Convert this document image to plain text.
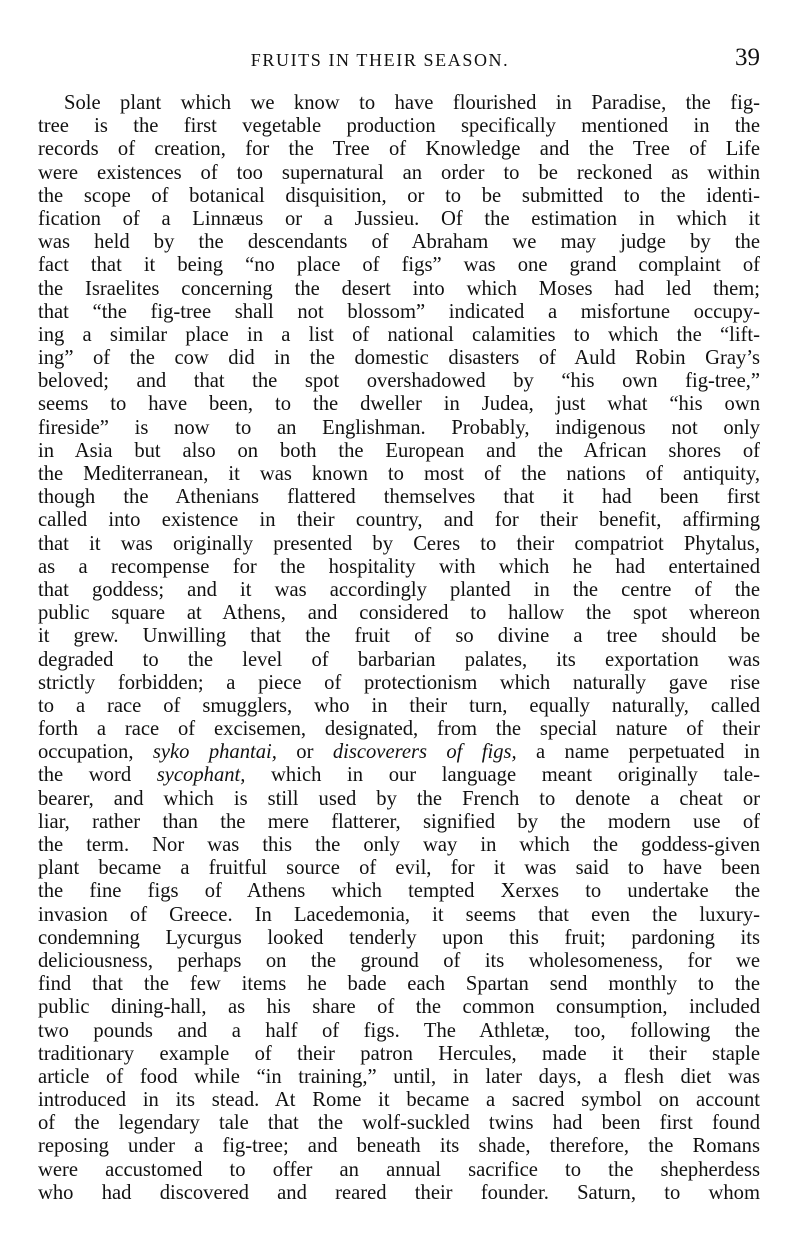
FRUITS IN THEIR SEASON.	39
Sole plant which we know to have flourished in Paradise, the fig-
tree is the first vegetable production specifically mentioned in the
records of creation, for the Tree of Knowledge and the Tree of Life
were existences of too supernatural an order to be reckoned as within
the scope of botanical disquisition, or to be submitted to the identi-
fication of a Linnæus or a Jussieu. Of the estimation in which it
was held by the descendants of Abraham we may judge by the
fact that it being “no place of figs” was one grand complaint of
the Israelites concerning the desert into which Moses had led them;
that “the fig-tree shall not blossom” indicated a misfortune occupy-
ing a similar place in a list of national calamities to which the “lift-
ing” of the cow did in the domestic disasters of Auld Robin Gray’s
beloved; and that the spot overshadowed by “his own fig-tree,”
seems to have been, to the dweller in Judea, just what “his own
fireside” is now to an Englishman. Probably, indigenous not only
in Asia but also on both the European and the African shores of
the Mediterranean, it was known to most of the nations of antiquity,
though the Athenians flattered themselves that it had been first
called into existence in their country, and for their benefit, affirming
that it was originally presented by Ceres to their compatriot Phytalus,
as a recompense for the hospitality with which he had entertained
that goddess; and it was accordingly planted in the centre of the
public square at Athens, and considered to hallow the spot whereon
it grew. Unwilling that the fruit of so divine a tree should be
degraded to the level of barbarian palates, its exportation was
strictly forbidden; a piece of protectionism which naturally gave rise
to a race of smugglers, who in their turn, equally naturally, called
forth a race of excisemen, designated, from the special nature of their
occupation, syko phantai, or discoverers of figs, a name perpetuated in
the word sycophant, which in our language meant originally tale-
bearer, and which is still used by the French to denote a cheat or
liar, rather than the mere flatterer, signified by the modern use of
the term. Nor was this the only way in which the goddess-given
plant became a fruitful source of evil, for it was said to have been
the fine figs of Athens which tempted Xerxes to undertake the
invasion of Greece. In Lacedemonia, it seems that even the luxury-
condemning Lycurgus looked tenderly upon this fruit; pardoning its
deliciousness, perhaps on the ground of its wholesomeness, for we
find that the few items he bade each Spartan send monthly to the
public dining-hall, as his share of the common consumption, included
two pounds and a half of figs. The Athletæ, too, following the
traditionary example of their patron Hercules, made it their staple
article of food while “in training,” until, in later days, a flesh diet was
introduced in its stead. At Rome it became a sacred symbol on account
of the legendary tale that the wolf-suckled twins had been first found
reposing under a fig-tree; and beneath its shade, therefore, the Romans
were accustomed to offer an annual sacrifice to the shepherdess
who had discovered and reared their founder. Saturn, to whom
